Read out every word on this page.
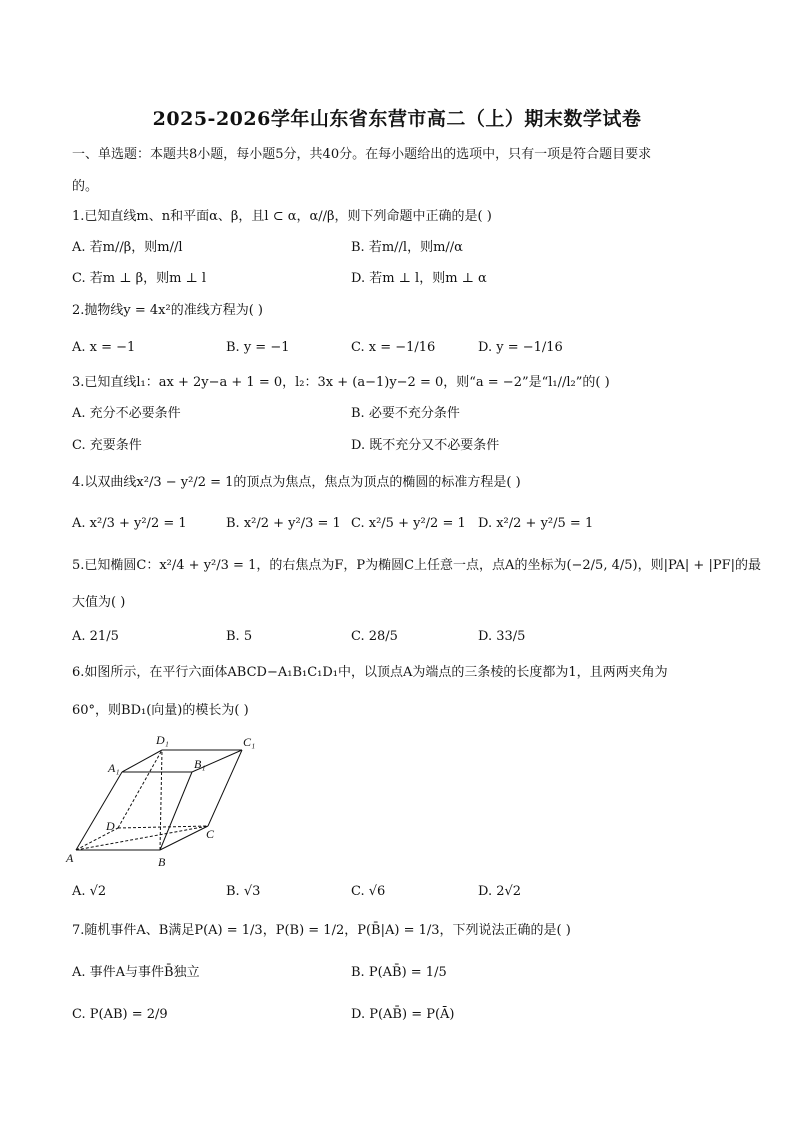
2025-2026学年山东省东营市高二（上）期末数学试卷
一、单选题：本题共8小题，每小题5分，共40分。在每小题给出的选项中，只有一项是符合题目要求
的。
1.已知直线m、n和平面α、β，且l ⊂ α，α//β，则下列命题中正确的是( )
A. 若m//β，则m//l	B. 若m//l，则m//α
C. 若m ⊥ β，则m ⊥ l	D. 若m ⊥ l，则m ⊥ α
2.抛物线y = 4x²的准线方程为( )
A. x = −1	B. y = −1	C. x = −1/16	D. y = −1/16
3.已知直线l₁：ax + 2y−a + 1 = 0，l₂：3x + (a−1)y−2 = 0，则“a = −2”是“l₁//l₂”的( )
A. 充分不必要条件	B. 必要不充分条件
C. 充要条件	D. 既不充分又不必要条件
4.以双曲线x²/3 − y²/2 = 1的顶点为焦点，焦点为顶点的椭圆的标准方程是( )
A. x²/3 + y²/2 = 1	B. x²/2 + y²/3 = 1 C. x²/5 + y²/2 = 1 D. x²/2 + y²/5 = 1
5.已知椭圆C：x²/4 + y²/3 = 1，的右焦点为F，P为椭圆C上任意一点，点A的坐标为(−2/5, 4/5)，则|PA| + |PF|的最
大值为( )
A. 21/5	B. 5	C. 28/5	D. 33/5
6.如图所示，在平行六面体ABCD−A₁B₁C₁D₁中，以顶点A为端点的三条棱的长度都为1，且两两夹角为
60°，则BD₁(向量)的模长为( )
D₁	C₁
A₁	B₁
D
C
A	B
A. √2	B. √3	C. √6	D. 2√2
7.随机事件A、B满足P(A) = 1/3，P(B) = 1/2，P(B̄|A) = 1/3，下列说法正确的是( )
A. 事件A与事件B̄独立	B. P(AB̄) = 1/5
C. P(AB) = 2/9	D. P(AB̄) = P(Ā)
